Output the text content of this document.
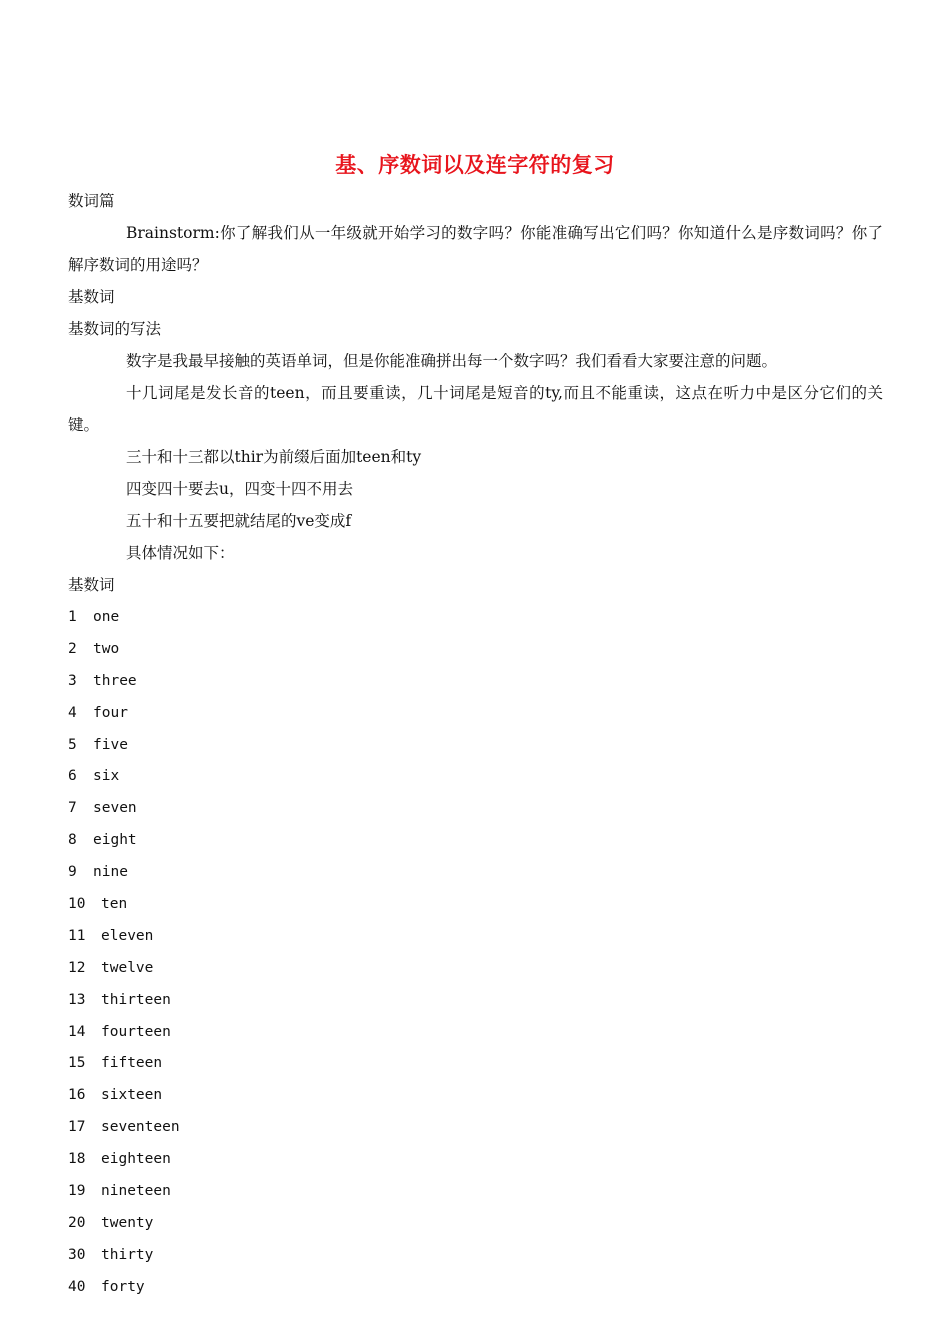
基、序数词以及连字符的复习
数词篇
Brainstorm:你了解我们从一年级就开始学习的数字吗？你能准确写出它们吗？你知道什么是序数词吗？你了解序数词的用途吗？
基数词
基数词的写法
数字是我最早接触的英语单词，但是你能准确拼出每一个数字吗？我们看看大家要注意的问题。
十几词尾是发长音的teen，而且要重读，几十词尾是短音的ty,而且不能重读，这点在听力中是区分它们的关键。
三十和十三都以thir为前缀后面加teen和ty
四变四十要去u，四变十四不用去
五十和十五要把就结尾的ve变成f
具体情况如下：
基数词
1 one
2 two
3 three
4 four
5 five
6 six
7 seven
8 eight
9 nine
10 ten
11 eleven
12 twelve
13 thirteen
14 fourteen
15 fifteen
16 sixteen
17 seventeen
18 eighteen
19 nineteen
20 twenty
30 thirty
40 forty
